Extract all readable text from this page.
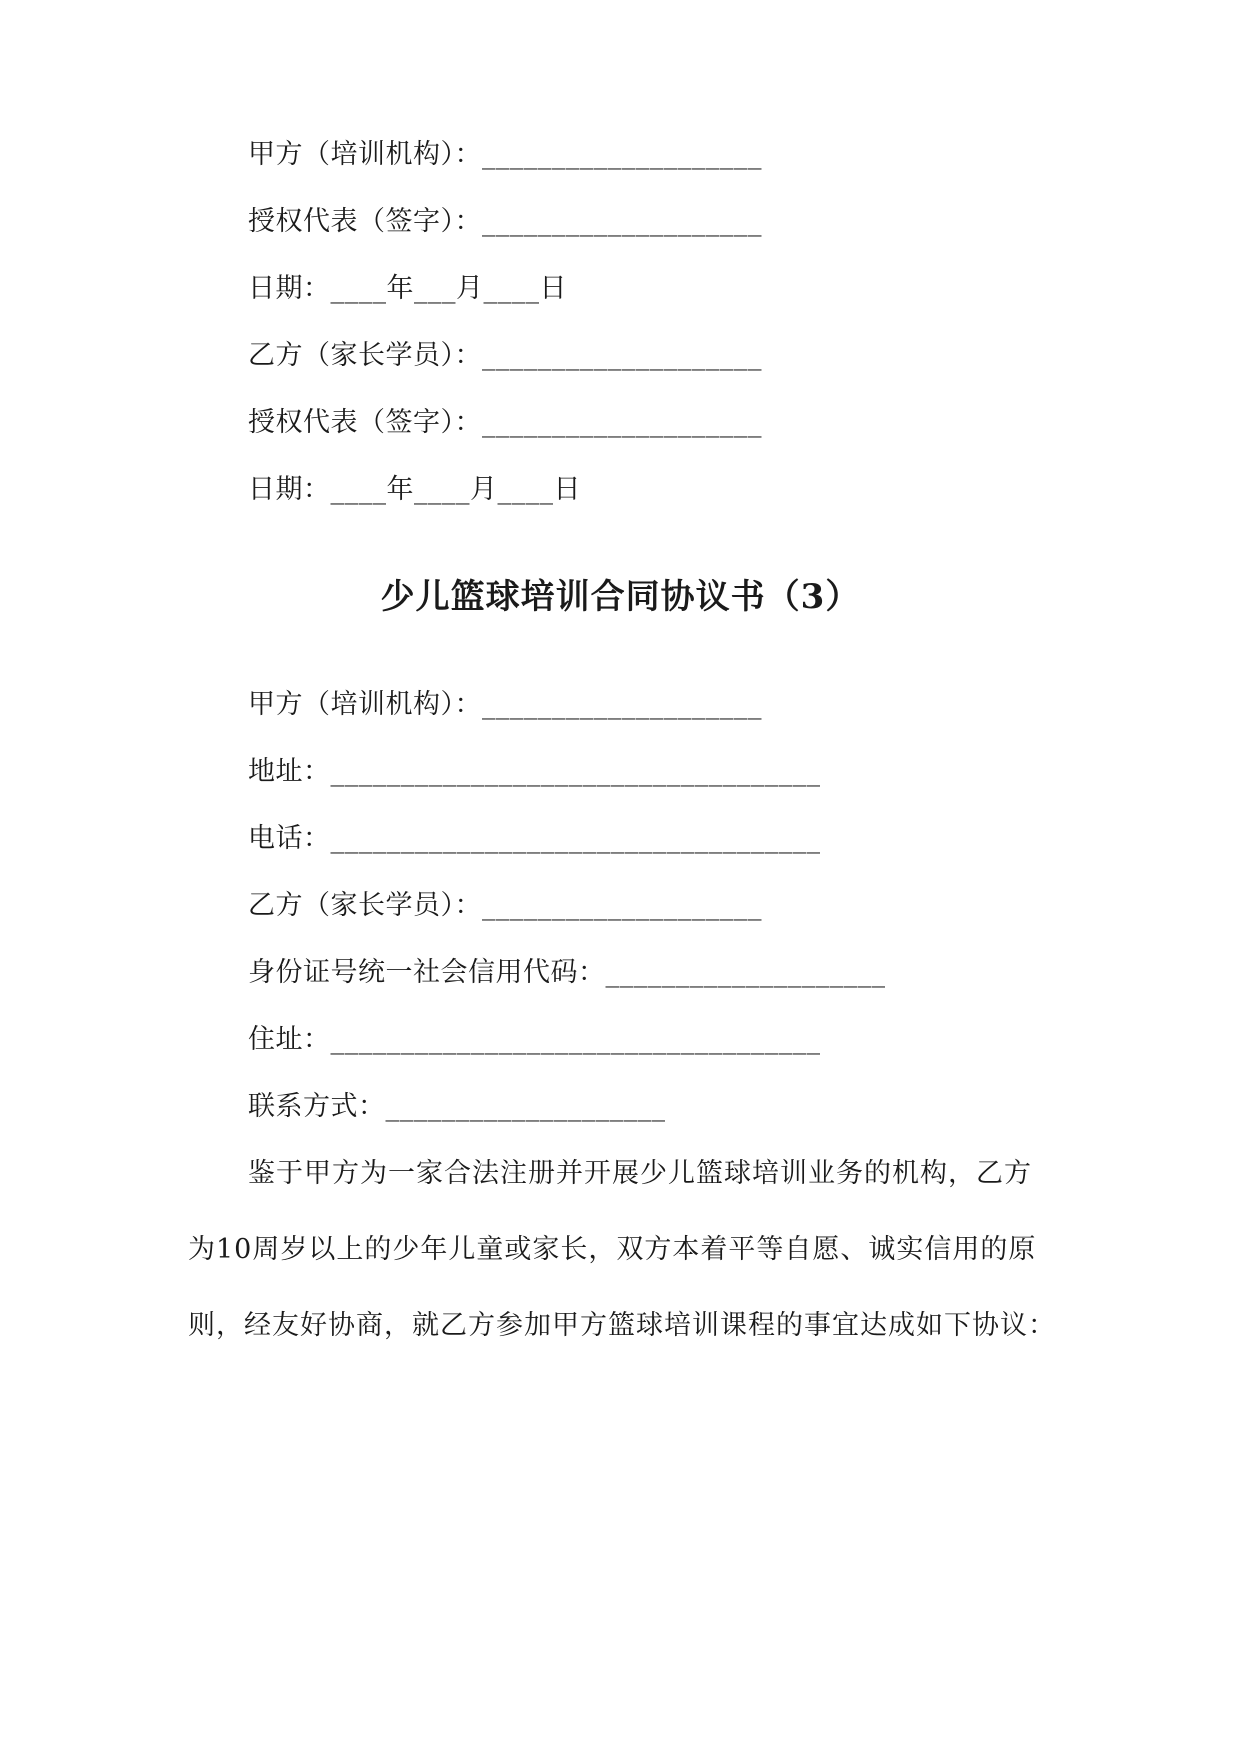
甲方（培训机构）：____________________
授权代表（签字）：____________________
日期：____年___月____日
乙方（家长学员）：____________________
授权代表（签字）：____________________
日期：____年____月____日
少儿篮球培训合同协议书（3）
甲方（培训机构）：____________________
地址：___________________________________
电话：___________________________________
乙方（家长学员）：____________________
身份证号统一社会信用代码：____________________
住址：___________________________________
联系方式：____________________
鉴于甲方为一家合法注册并开展少儿篮球培训业务的机构，乙方为10周岁以上的少年儿童或家长，双方本着平等自愿、诚实信用的原则，经友好协商，就乙方参加甲方篮球培训课程的事宜达成如下协议：
